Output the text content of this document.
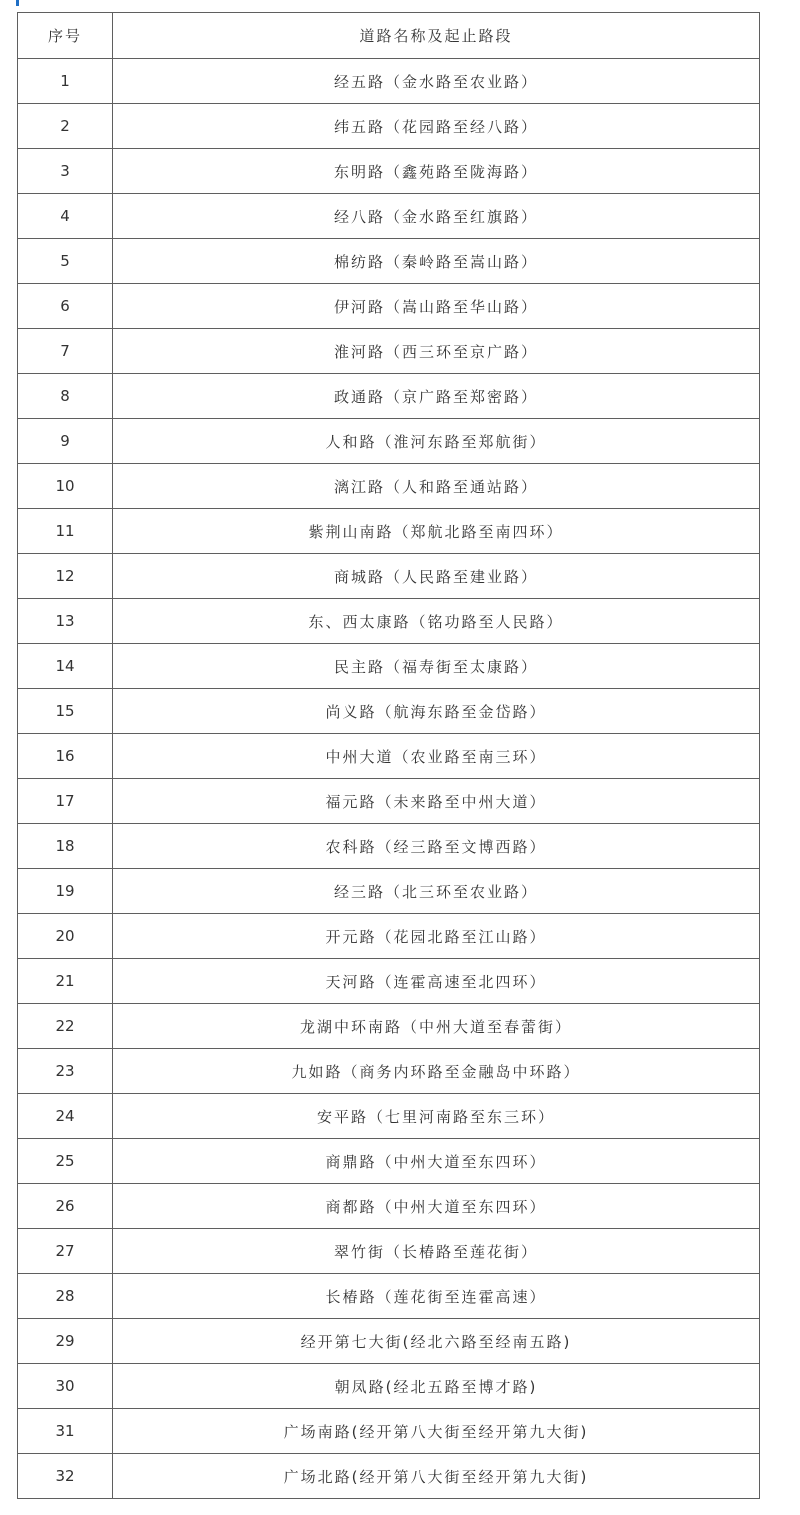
序号	道路名称及起止路段
1	经五路（金水路至农业路）
2	纬五路（花园路至经八路）
3	东明路（鑫苑路至陇海路）
4	经八路（金水路至红旗路）
5	棉纺路（秦岭路至嵩山路）
6	伊河路（嵩山路至华山路）
7	淮河路（西三环至京广路）
8	政通路（京广路至郑密路）
9	人和路（淮河东路至郑航街）
10	漓江路（人和路至通站路）
11	紫荆山南路（郑航北路至南四环）
12	商城路（人民路至建业路）
13	东、西太康路（铭功路至人民路）
14	民主路（福寿街至太康路）
15	尚义路（航海东路至金岱路）
16	中州大道（农业路至南三环）
17	福元路（未来路至中州大道）
18	农科路（经三路至文博西路）
19	经三路（北三环至农业路）
20	开元路（花园北路至江山路）
21	天河路（连霍高速至北四环）
22	龙湖中环南路（中州大道至春蕾街）
23	九如路（商务内环路至金融岛中环路）
24	安平路（七里河南路至东三环）
25	商鼎路（中州大道至东四环）
26	商都路（中州大道至东四环）
27	翠竹街（长椿路至莲花街）
28	长椿路（莲花街至连霍高速）
29	经开第七大街(经北六路至经南五路)
30	朝凤路(经北五路至博才路)
31	广场南路(经开第八大街至经开第九大街)
32	广场北路(经开第八大街至经开第九大街)
